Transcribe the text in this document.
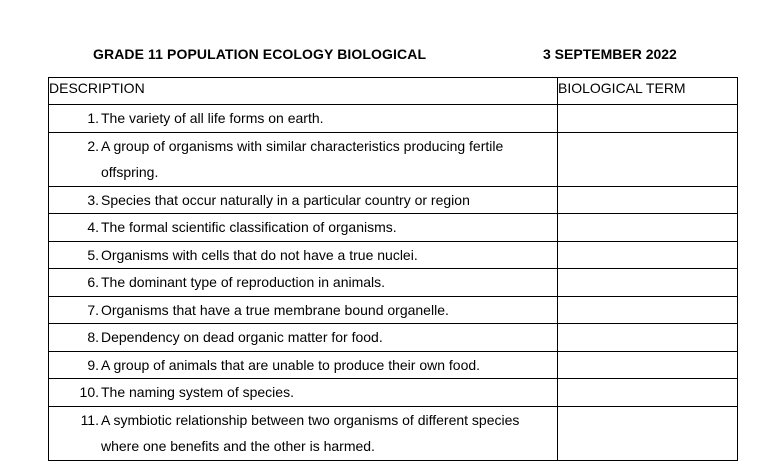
GRADE 11 POPULATION ECOLOGY BIOLOGICAL	3 SEPTEMBER 2022
DESCRIPTION	BIOLOGICAL TERM

1. The variety of all life forms on earth.	

2. A group of organisms with similar characteristics producing fertile offspring.	

3. Species that occur naturally in a particular country or region	

4. The formal scientific classification of organisms.	

5. Organisms with cells that do not have a true nuclei.	

6. The dominant type of reproduction in animals.	

7. Organisms that have a true membrane bound organelle.	

8. Dependency on dead organic matter for food.	

9. A group of animals that are unable to produce their own food.	

10. The naming system of species.	

11. A symbiotic relationship between two organisms of different species where one benefits and the other is harmed.	
